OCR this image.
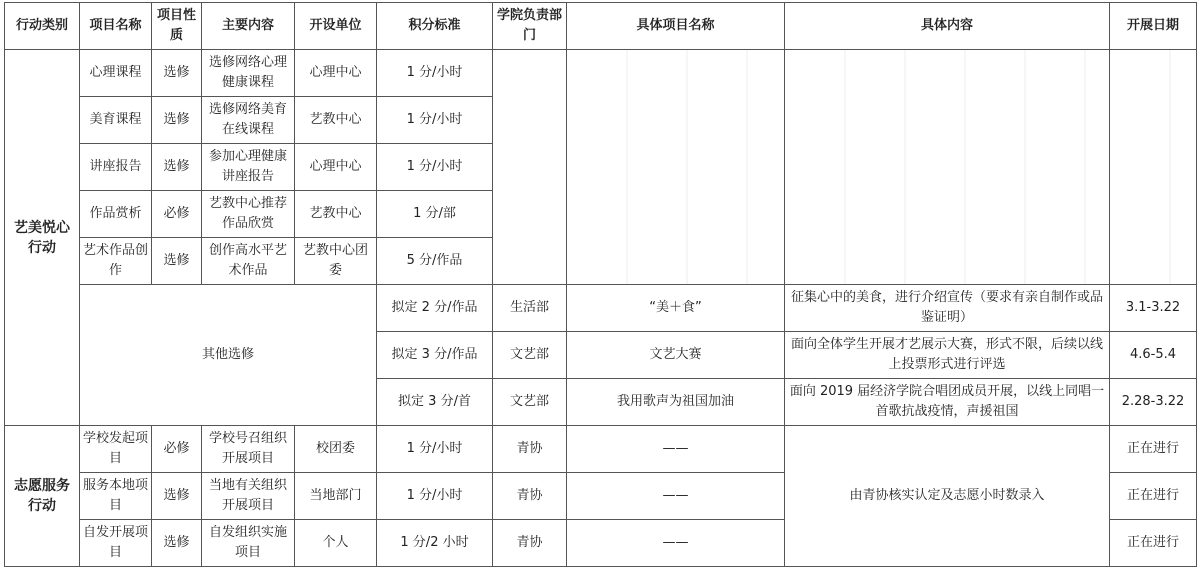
行动类别	项目名称	项目性质	主要内容	开设单位	积分标准	学院负责部门	具体项目名称	具体内容	开展日期
艺美悦心行动	心理课程	选修	选修网络心理健康课程	心理中心	1 分/小时				
	美育课程	选修	选修网络美育在线课程	艺教中心	1 分/小时				
	讲座报告	选修	参加心理健康讲座报告	心理中心	1 分/小时				
	作品赏析	必修	艺教中心推荐作品欣赏	艺教中心	1 分/部				
	艺术作品创作	选修	创作高水平艺术作品	艺教中心团委	5 分/作品				
	其他选修				拟定 2 分/作品	生活部	“美＋食”	征集心中的美食，进行介绍宣传（要求有亲自制作或品鉴证明）	3.1-3.22
					拟定 3 分/作品	文艺部	文艺大赛	面向全体学生开展才艺展示大赛，形式不限，后续以线上投票形式进行评选	4.6-5.4
					拟定 3 分/首	文艺部	我用歌声为祖国加油	面向 2019 届经济学院合唱团成员开展，以线上同唱一首歌抗战疫情，声援祖国	2.28-3.22
志愿服务行动	学校发起项目	必修	学校号召组织开展项目	校团委	1 分/小时	青协	——	由青协核实认定及志愿小时数录入	正在进行
	服务本地项目	选修	当地有关组织开展项目	当地部门	1 分/小时	青协	——		正在进行
	自发开展项目	选修	自发组织实施项目	个人	1 分/2 小时	青协	——		正在进行
